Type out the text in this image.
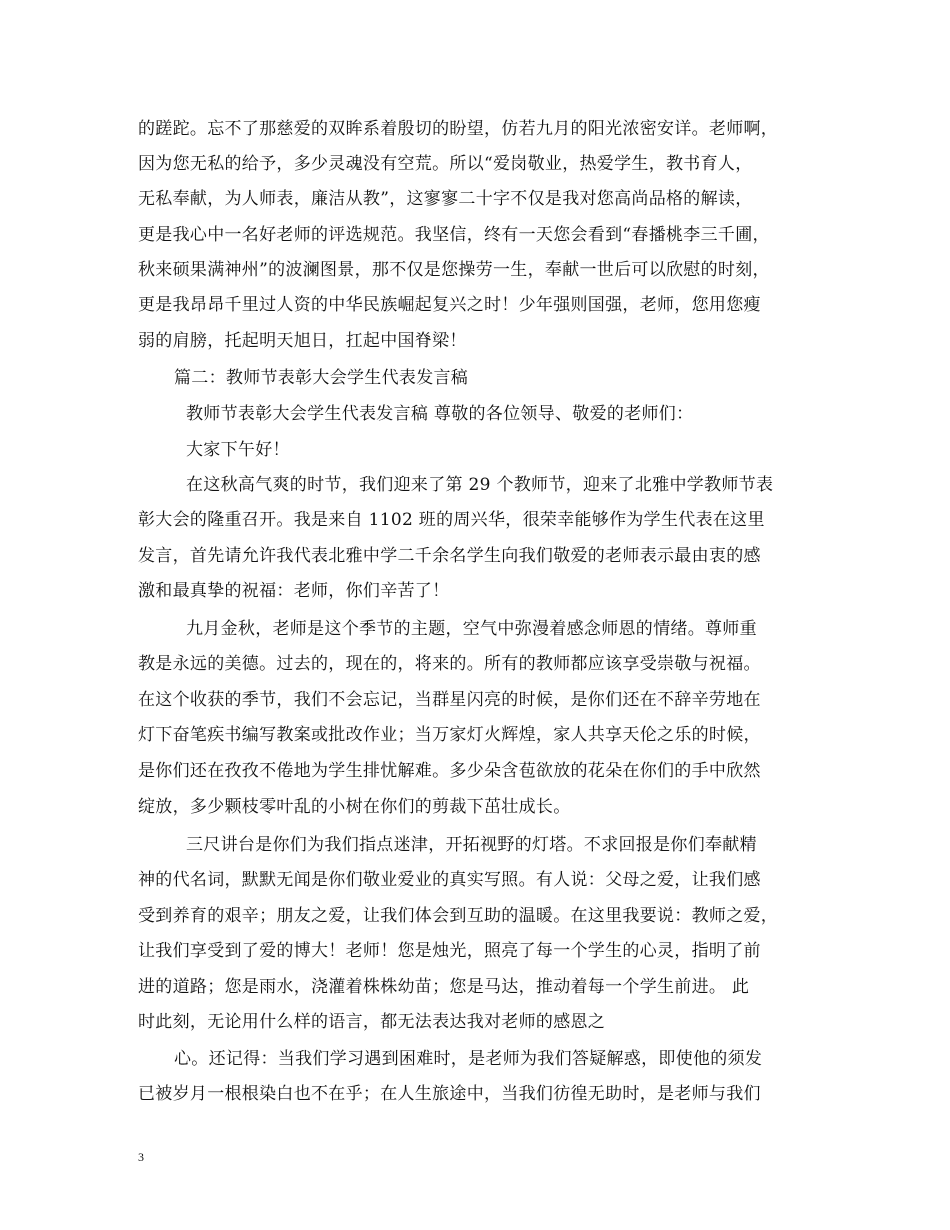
的蹉跎。忘不了那慈爱的双眸系着殷切的盼望，仿若九月的阳光浓密安详。老师啊，
因为您无私的给予，多少灵魂没有空荒。所以“爱岗敬业，热爱学生，教书育人，
无私奉献，为人师表，廉洁从教”，这寥寥二十字不仅是我对您高尚品格的解读，
更是我心中一名好老师的评选规范。我坚信，终有一天您会看到“春播桃李三千圃，
秋来硕果满神州”的波澜图景，那不仅是您操劳一生，奉献一世后可以欣慰的时刻，
更是我昂昂千里过人资的中华民族崛起复兴之时！少年强则国强，老师，您用您瘦
弱的肩膀，托起明天旭日，扛起中国脊梁！
篇二：教师节表彰大会学生代表发言稿
教师节表彰大会学生代表发言稿 尊敬的各位领导、敬爱的老师们：
大家下午好！
在这秋高气爽的时节，我们迎来了第 29 个教师节，迎来了北雅中学教师节表
彰大会的隆重召开。我是来自 1102 班的周兴华，很荣幸能够作为学生代表在这里
发言，首先请允许我代表北雅中学二千余名学生向我们敬爱的老师表示最由衷的感
激和最真挚的祝福：老师，你们辛苦了！
九月金秋，老师是这个季节的主题，空气中弥漫着感念师恩的情绪。尊师重
教是永远的美德。过去的，现在的，将来的。所有的教师都应该享受崇敬与祝福。
在这个收获的季节，我们不会忘记，当群星闪亮的时候，是你们还在不辞辛劳地在
灯下奋笔疾书编写教案或批改作业；当万家灯火辉煌，家人共享天伦之乐的时候，
是你们还在孜孜不倦地为学生排忧解难。多少朵含苞欲放的花朵在你们的手中欣然
绽放，多少颗枝零叶乱的小树在你们的剪裁下茁壮成长。
三尺讲台是你们为我们指点迷津，开拓视野的灯塔。不求回报是你们奉献精
神的代名词，默默无闻是你们敬业爱业的真实写照。有人说：父母之爱，让我们感
受到养育的艰辛；朋友之爱，让我们体会到互助的温暖。在这里我要说：教师之爱，
让我们享受到了爱的博大！老师！您是烛光，照亮了每一个学生的心灵，指明了前
进的道路；您是雨水，浇灌着株株幼苗；您是马达，推动着每一个学生前进。 此
时此刻，无论用什么样的语言，都无法表达我对老师的感恩之
心。还记得：当我们学习遇到困难时，是老师为我们答疑解惑，即使他的须发
已被岁月一根根染白也不在乎；在人生旅途中，当我们彷徨无助时，是老师与我们
3
